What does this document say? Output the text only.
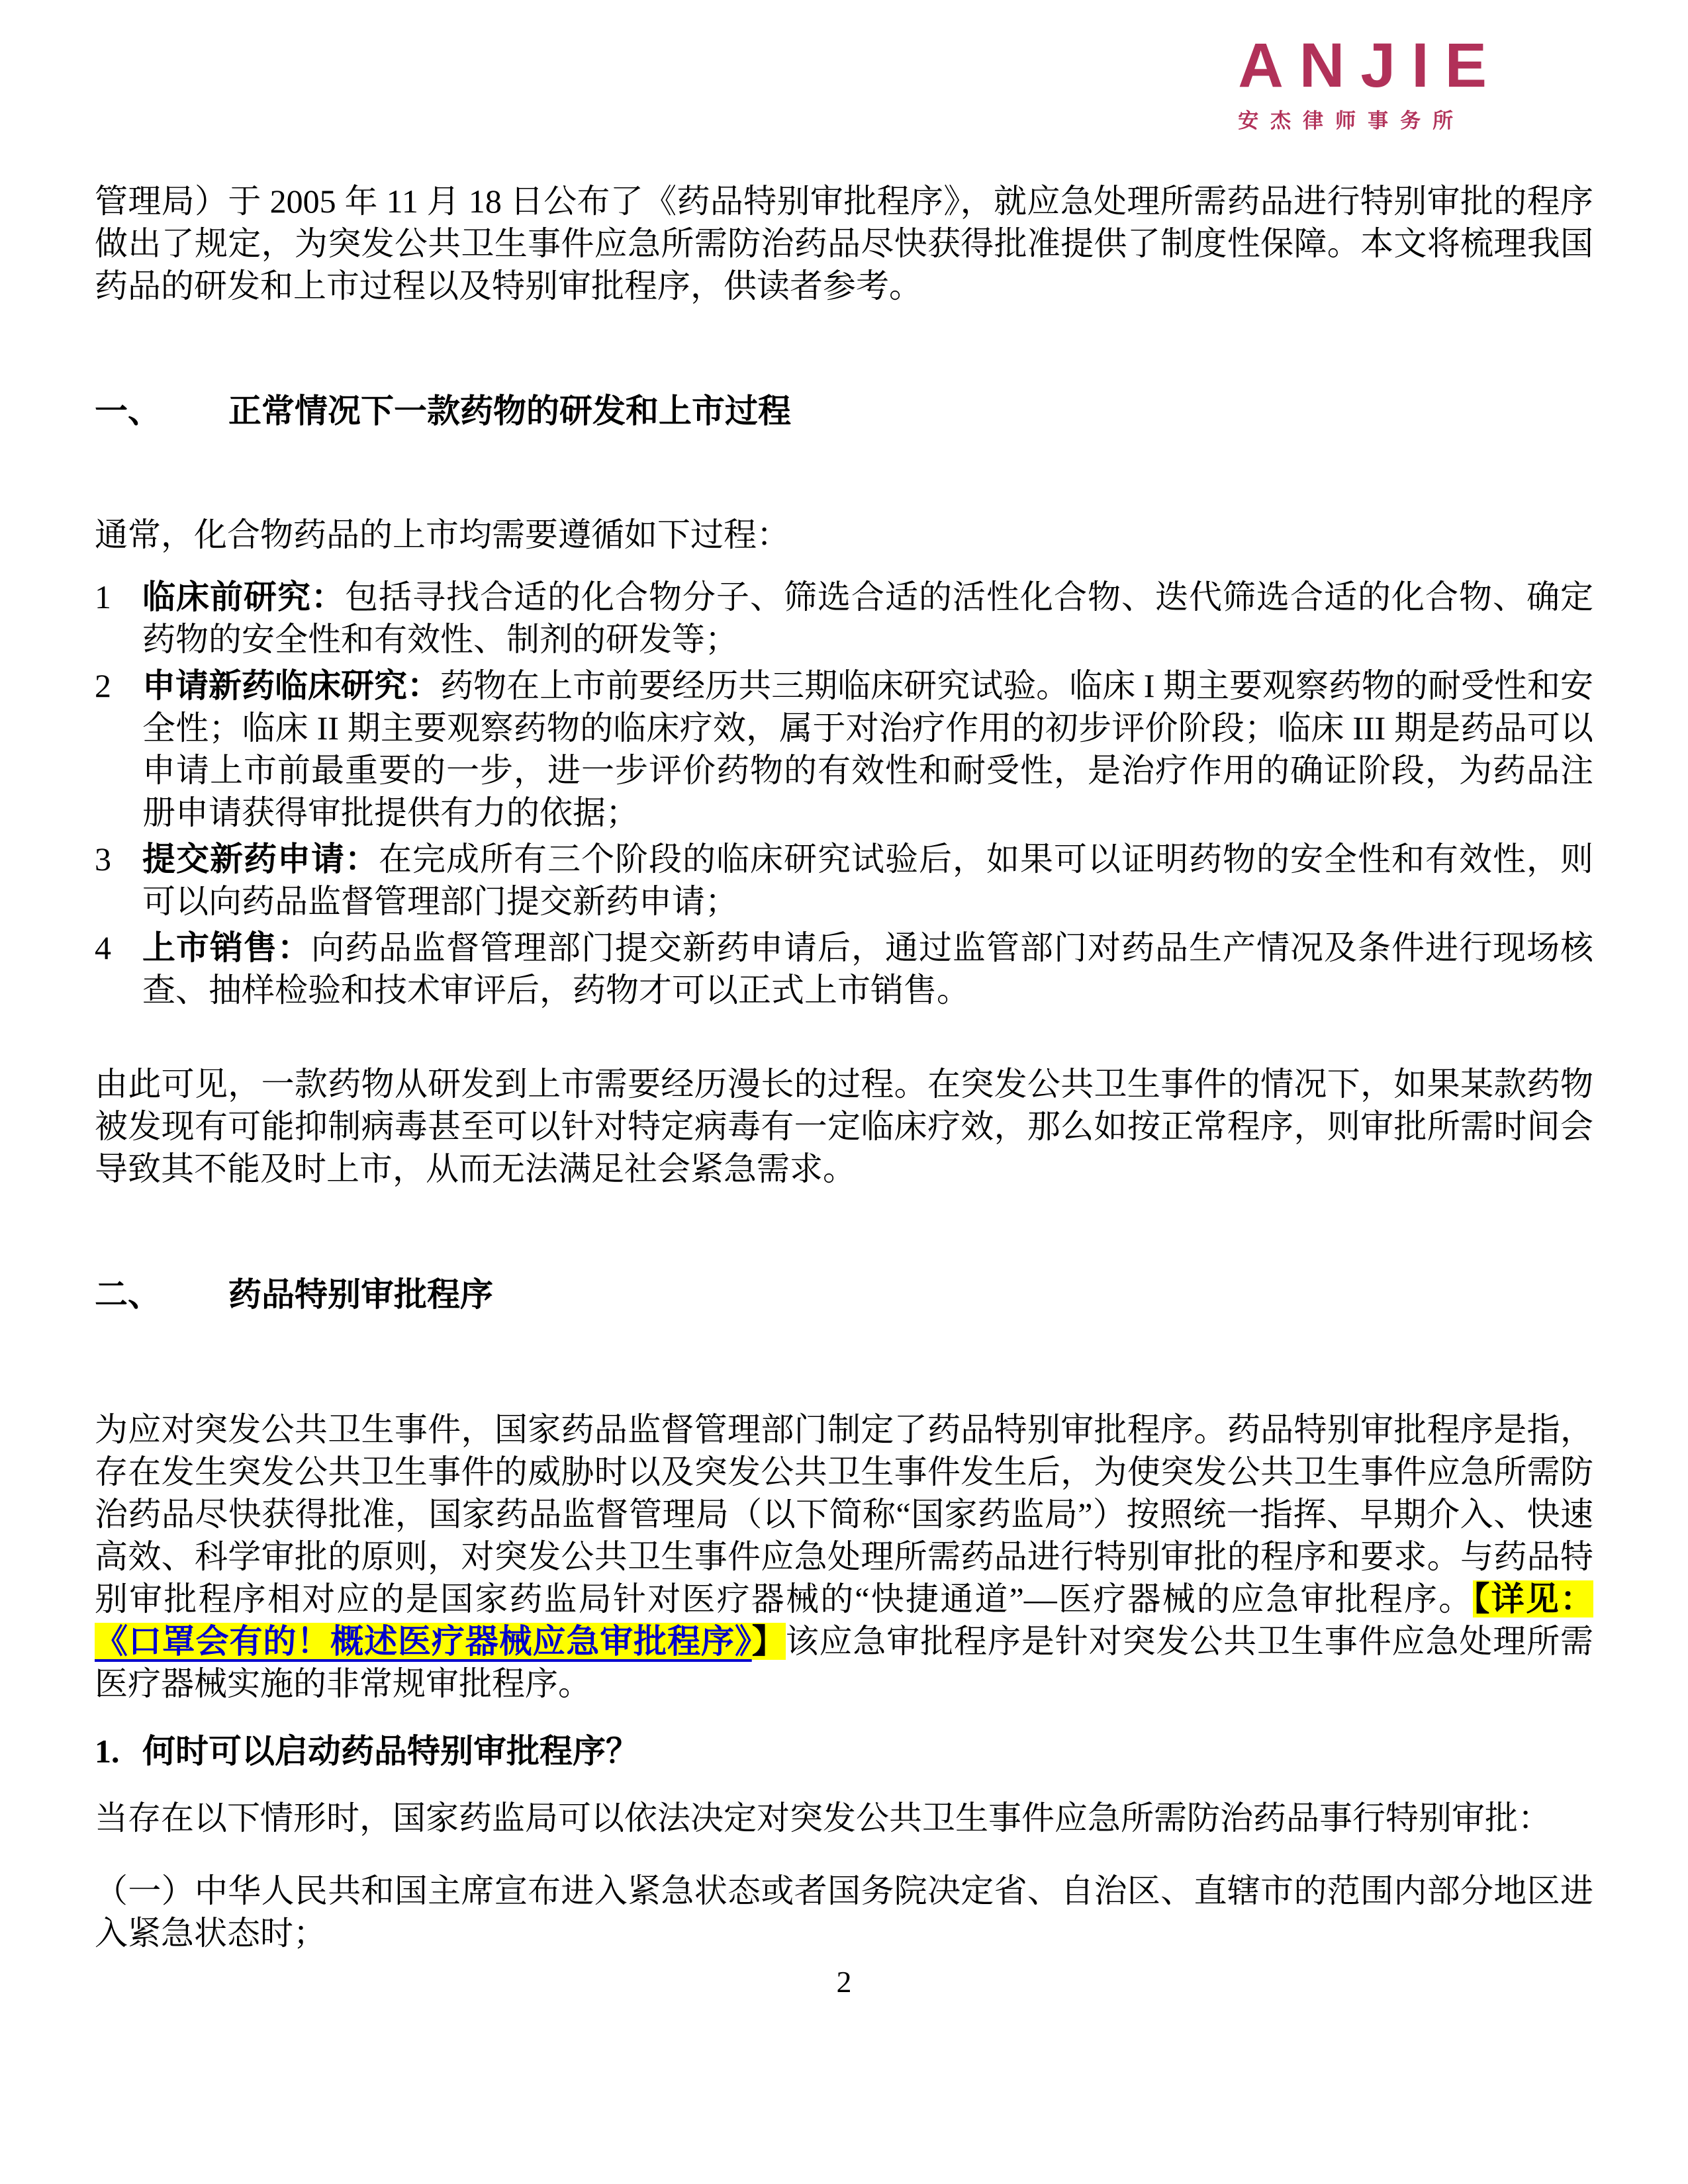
ANJIE
安杰律师事务所

管理局）于 2005 年 11 月 18 日公布了《药品特别审批程序》，就应急处理所需药品进行特别审批的程序做出了规定，为突发公共卫生事件应急所需防治药品尽快获得批准提供了制度性保障。本文将梳理我国药品的研发和上市过程以及特别审批程序，供读者参考。

一、 正常情况下一款药物的研发和上市过程

通常，化合物药品的上市均需要遵循如下过程：

1 临床前研究：包括寻找合适的化合物分子、筛选合适的活性化合物、迭代筛选合适的化合物、确定药物的安全性和有效性、制剂的研发等；
2 申请新药临床研究：药物在上市前要经历共三期临床研究试验。临床 I 期主要观察药物的耐受性和安全性；临床 II 期主要观察药物的临床疗效，属于对治疗作用的初步评价阶段；临床 III 期是药品可以申请上市前最重要的一步，进一步评价药物的有效性和耐受性，是治疗作用的确证阶段，为药品注册申请获得审批提供有力的依据；
3 提交新药申请：在完成所有三个阶段的临床研究试验后，如果可以证明药物的安全性和有效性，则可以向药品监督管理部门提交新药申请；
4 上市销售：向药品监督管理部门提交新药申请后，通过监管部门对药品生产情况及条件进行现场核查、抽样检验和技术审评后，药物才可以正式上市销售。

由此可见，一款药物从研发到上市需要经历漫长的过程。在突发公共卫生事件的情况下，如果某款药物被发现有可能抑制病毒甚至可以针对特定病毒有一定临床疗效，那么如按正常程序，则审批所需时间会导致其不能及时上市，从而无法满足社会紧急需求。

二、 药品特别审批程序

为应对突发公共卫生事件，国家药品监督管理部门制定了药品特别审批程序。药品特别审批程序是指，存在发生突发公共卫生事件的威胁时以及突发公共卫生事件发生后，为使突发公共卫生事件应急所需防治药品尽快获得批准，国家药品监督管理局（以下简称“国家药监局”）按照统一指挥、早期介入、快速高效、科学审批的原则，对突发公共卫生事件应急处理所需药品进行特别审批的程序和要求。与药品特别审批程序相对应的是国家药监局针对医疗器械的“快捷通道”—医疗器械的应急审批程序。【详见： 《口罩会有的！概述医疗器械应急审批程序》】该应急审批程序是针对突发公共卫生事件应急处理所需医疗器械实施的非常规审批程序。

1. 何时可以启动药品特别审批程序？

当存在以下情形时，国家药监局可以依法决定对突发公共卫生事件应急所需防治药品事行特别审批：

（一）中华人民共和国主席宣布进入紧急状态或者国务院决定省、自治区、直辖市的范围内部分地区进入紧急状态时；

2
